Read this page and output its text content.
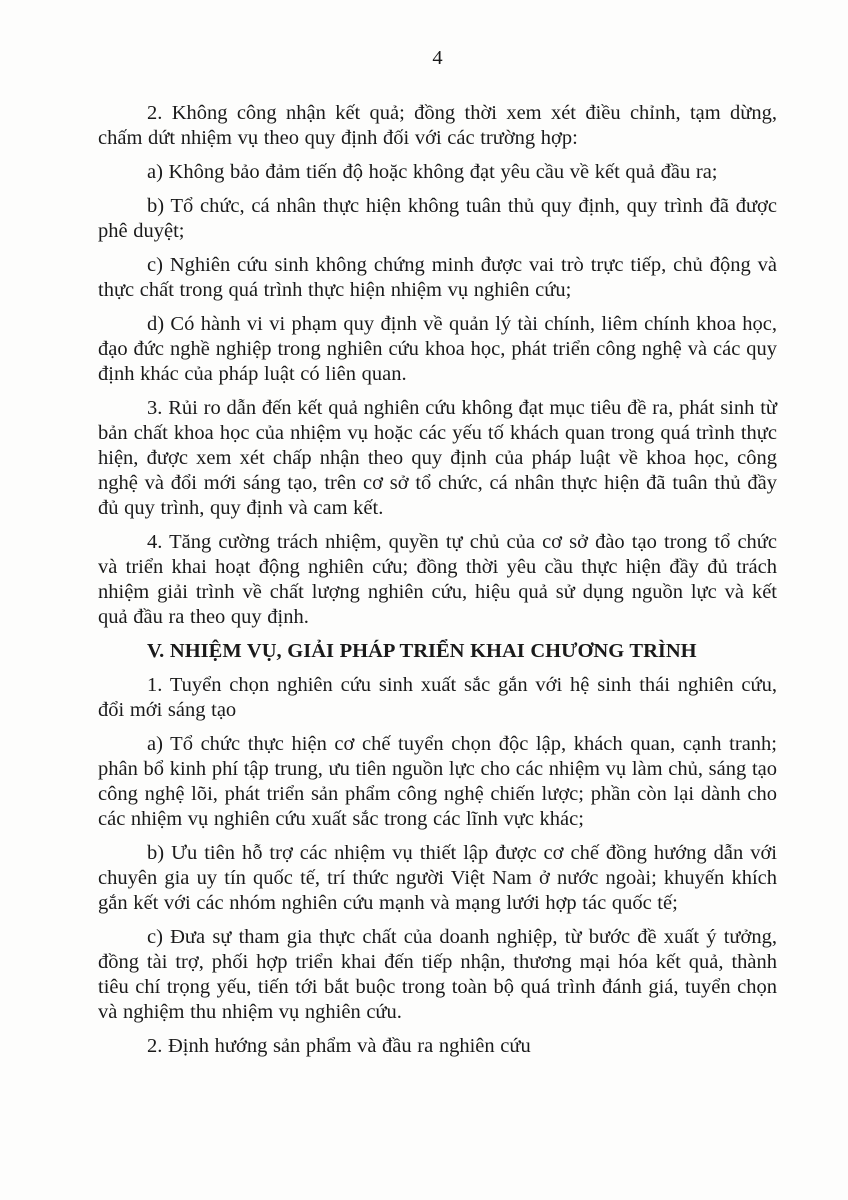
4

2. Không công nhận kết quả; đồng thời xem xét điều chỉnh, tạm dừng, chấm dứt nhiệm vụ theo quy định đối với các trường hợp:

a) Không bảo đảm tiến độ hoặc không đạt yêu cầu về kết quả đầu ra;

b) Tổ chức, cá nhân thực hiện không tuân thủ quy định, quy trình đã được phê duyệt;

c) Nghiên cứu sinh không chứng minh được vai trò trực tiếp, chủ động và thực chất trong quá trình thực hiện nhiệm vụ nghiên cứu;

d) Có hành vi vi phạm quy định về quản lý tài chính, liêm chính khoa học, đạo đức nghề nghiệp trong nghiên cứu khoa học, phát triển công nghệ và các quy định khác của pháp luật có liên quan.

3. Rủi ro dẫn đến kết quả nghiên cứu không đạt mục tiêu đề ra, phát sinh từ bản chất khoa học của nhiệm vụ hoặc các yếu tố khách quan trong quá trình thực hiện, được xem xét chấp nhận theo quy định của pháp luật về khoa học, công nghệ và đổi mới sáng tạo, trên cơ sở tổ chức, cá nhân thực hiện đã tuân thủ đầy đủ quy trình, quy định và cam kết.

4. Tăng cường trách nhiệm, quyền tự chủ của cơ sở đào tạo trong tổ chức và triển khai hoạt động nghiên cứu; đồng thời yêu cầu thực hiện đầy đủ trách nhiệm giải trình về chất lượng nghiên cứu, hiệu quả sử dụng nguồn lực và kết quả đầu ra theo quy định.

V. NHIỆM VỤ, GIẢI PHÁP TRIỂN KHAI CHƯƠNG TRÌNH

1. Tuyển chọn nghiên cứu sinh xuất sắc gắn với hệ sinh thái nghiên cứu, đổi mới sáng tạo

a) Tổ chức thực hiện cơ chế tuyển chọn độc lập, khách quan, cạnh tranh; phân bổ kinh phí tập trung, ưu tiên nguồn lực cho các nhiệm vụ làm chủ, sáng tạo công nghệ lõi, phát triển sản phẩm công nghệ chiến lược; phần còn lại dành cho các nhiệm vụ nghiên cứu xuất sắc trong các lĩnh vực khác;

b) Ưu tiên hỗ trợ các nhiệm vụ thiết lập được cơ chế đồng hướng dẫn với chuyên gia uy tín quốc tế, trí thức người Việt Nam ở nước ngoài; khuyến khích gắn kết với các nhóm nghiên cứu mạnh và mạng lưới hợp tác quốc tế;

c) Đưa sự tham gia thực chất của doanh nghiệp, từ bước đề xuất ý tưởng, đồng tài trợ, phối hợp triển khai đến tiếp nhận, thương mại hóa kết quả, thành tiêu chí trọng yếu, tiến tới bắt buộc trong toàn bộ quá trình đánh giá, tuyển chọn và nghiệm thu nhiệm vụ nghiên cứu.

2. Định hướng sản phẩm và đầu ra nghiên cứu
